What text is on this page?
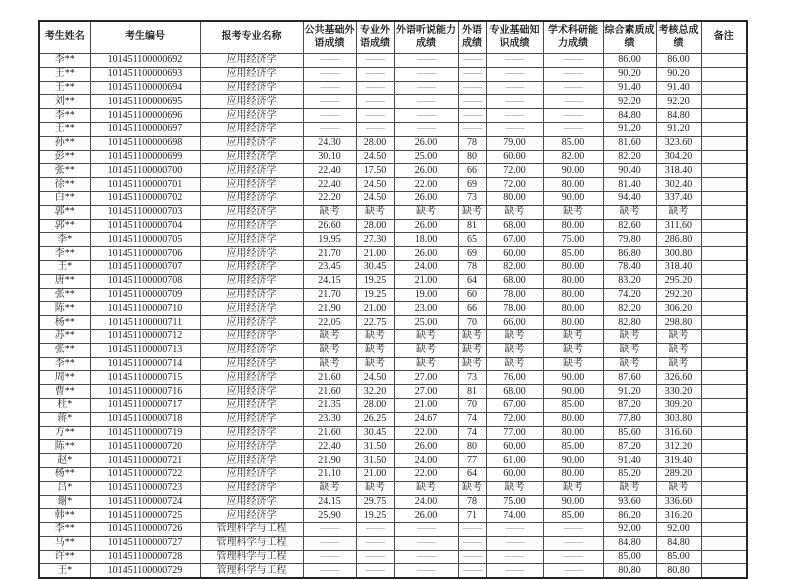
考生姓名	考生编号	报考专业名称	公共基础外语成绩	专业外语成绩	外语听说能力成绩	外语成绩	专业基础知识成绩	学术科研能力成绩	综合素质成绩	考核总成绩	备注
李**	101451100000692	应用经济学	——	——	——	——	——	——	86.00	86.00	
王**	101451100000693	应用经济学	——	——	——	——	——	——	90.20	90.20	
王**	101451100000694	应用经济学	——	——	——	——	——	——	91.40	91.40	
刘**	101451100000695	应用经济学	——	——	——	——	——	——	92.20	92.20	
李**	101451100000696	应用经济学	——	——	——	——	——	——	84.80	84.80	
王**	101451100000697	应用经济学	——	——	——	——	——	——	91.20	91.20	
孙**	101451100000698	应用经济学	24.30	28.00	26.00	78	79.00	85.00	81.60	323.60	
彭**	101451100000699	应用经济学	30.10	24.50	25.00	80	60.00	82.00	82.20	304.20	
张**	101451100000700	应用经济学	22.40	17.50	26.00	66	72.00	90.00	90.40	318.40	
徐**	101451100000701	应用经济学	22.40	24.50	22.00	69	72.00	80.00	81.40	302.40	
白**	101451100000702	应用经济学	22.20	24.50	26.00	73	80.00	90.00	94.40	337.40	
郭**	101451100000703	应用经济学	缺考	缺考	缺考	缺考	缺考	缺考	缺考	缺考	
郭**	101451100000704	应用经济学	26.60	28.00	26.00	81	68.00	80.00	82.60	311.60	
李*	101451100000705	应用经济学	19.95	27.30	18.00	65	67.00	75.00	79.80	286.80	
李**	101451100000706	应用经济学	21.70	21.00	26.00	69	60.00	85.00	86.80	300.80	
王*	101451100000707	应用经济学	23.45	30.45	24.00	78	82.00	80.00	78.40	318.40	
唐**	101451100000708	应用经济学	24.15	19.25	21.00	64	68.00	80.00	83.20	295.20	
张**	101451100000709	应用经济学	21.70	19.25	19.00	60	78.00	80.00	74.20	292.20	
陈**	101451100000710	应用经济学	21.90	21.00	23.00	66	78.00	80.00	82.20	306.20	
杨**	101451100000711	应用经济学	22.05	22.75	25.00	70	66.00	80.00	82.80	298.80	
苏**	101451100000712	应用经济学	缺考	缺考	缺考	缺考	缺考	缺考	缺考	缺考	
张**	101451100000713	应用经济学	缺考	缺考	缺考	缺考	缺考	缺考	缺考	缺考	
李**	101451100000714	应用经济学	缺考	缺考	缺考	缺考	缺考	缺考	缺考	缺考	
周**	101451100000715	应用经济学	21.60	24.50	27.00	73	76.00	90.00	87.60	326.60	
曹**	101451100000716	应用经济学	21.60	32.20	27.00	81	68.00	90.00	91.20	330.20	
杜*	101451100000717	应用经济学	21.35	28.00	21.00	70	67.00	85.00	87.20	309.20	
蒋*	101451100000718	应用经济学	23.30	26.25	24.67	74	72.00	80.00	77.80	303.80	
方**	101451100000719	应用经济学	21.60	30.45	22.00	74	77.00	80.00	85.60	316.60	
陈**	101451100000720	应用经济学	22.40	31.50	26.00	80	60.00	85.00	87.20	312.20	
赵*	101451100000721	应用经济学	21.90	31.50	24.00	77	61.00	90.00	91.40	319.40	
杨**	101451100000722	应用经济学	21.10	21.00	22.00	64	60.00	80.00	85.20	289.20	
吕*	101451100000723	应用经济学	缺考	缺考	缺考	缺考	缺考	缺考	缺考	缺考	
谢*	101451100000724	应用经济学	24.15	29.75	24.00	78	75.00	90.00	93.60	336.60	
韩**	101451100000725	应用经济学	25.90	19.25	26.00	71	74.00	85.00	86.20	316.20	
李**	101451100000726	管理科学与工程	——	——	——	——	——	——	92.00	92.00	
马**	101451100000727	管理科学与工程	——	——	——	——	——	——	84.80	84.80	
许**	101451100000728	管理科学与工程	——	——	——	——	——	——	85.00	85.00	
王*	101451100000729	管理科学与工程	——	——	——	——	——	——	80.80	80.80	
